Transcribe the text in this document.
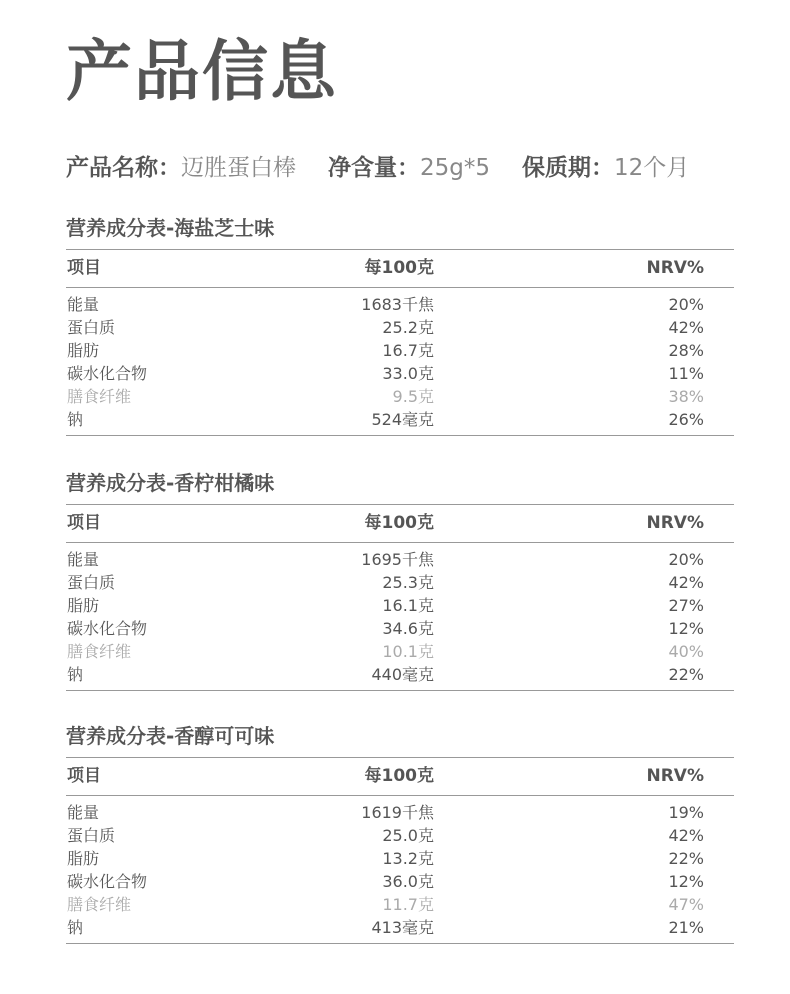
产品信息
产品名称：迈胜蛋白棒 净含量：25g*5 保质期：12个月
营养成分表-海盐芝士味
项目	每100克	NRV%
能量	1683千焦	20%
蛋白质	25.2克	42%
脂肪	16.7克	28%
碳水化合物	33.0克	11%
膳食纤维	9.5克	38%
钠	524毫克	26%
营养成分表-香柠柑橘味
项目	每100克	NRV%
能量	1695千焦	20%
蛋白质	25.3克	42%
脂肪	16.1克	27%
碳水化合物	34.6克	12%
膳食纤维	10.1克	40%
钠	440毫克	22%
营养成分表-香醇可可味
项目	每100克	NRV%
能量	1619千焦	19%
蛋白质	25.0克	42%
脂肪	13.2克	22%
碳水化合物	36.0克	12%
膳食纤维	11.7克	47%
钠	413毫克	21%
